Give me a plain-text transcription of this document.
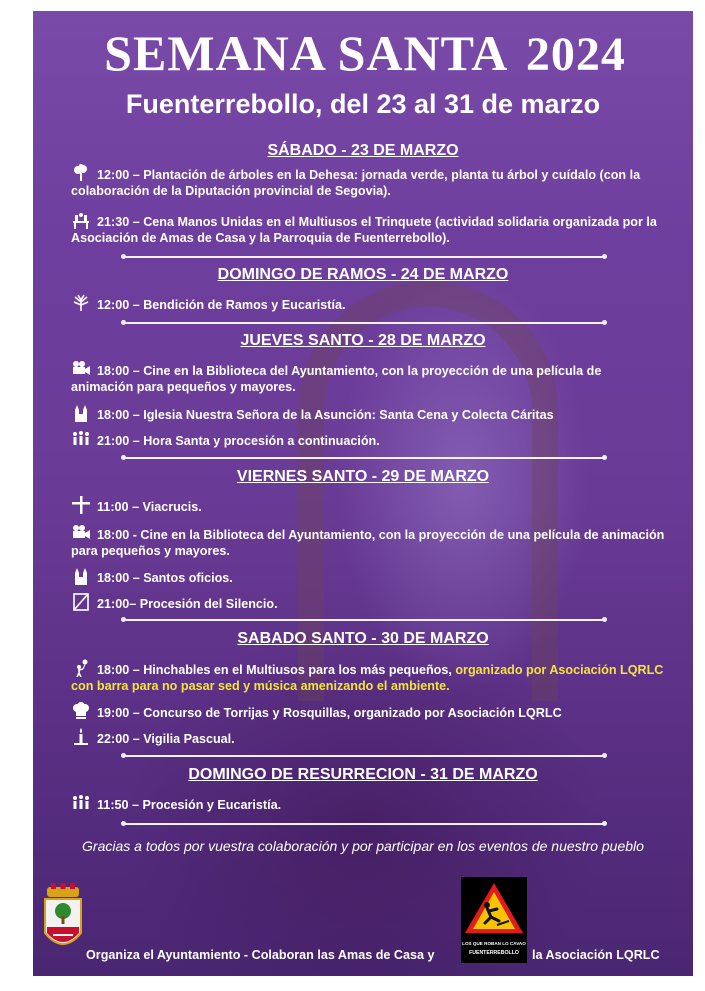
SEMANA SANTA 2024
Fuenterrebollo, del 23 al 31 de marzo
SÁBADO - 23 DE MARZO
12:00 – Plantación de árboles en la Dehesa: jornada verde, planta tu árbol y cuídalo (con la colaboración de la Diputación provincial de Segovia).
21:30 – Cena Manos Unidas en el Multiusos el Trinquete (actividad solidaria organizada por la Asociación de Amas de Casa y la Parroquia de Fuenterrebollo).
DOMINGO DE RAMOS - 24 DE MARZO
12:00 – Bendición de Ramos y Eucaristía.
JUEVES SANTO - 28 DE MARZO
18:00 – Cine en la Biblioteca del Ayuntamiento, con la proyección de una película de animación para pequeños y mayores.
18:00 – Iglesia Nuestra Señora de la Asunción: Santa Cena y Colecta Cáritas
21:00 – Hora Santa y procesión a continuación.
VIERNES SANTO - 29 DE MARZO
11:00 – Viacrucis.
18:00 - Cine en la Biblioteca del Ayuntamiento, con la proyección de una película de animación para pequeños y mayores.
18:00 – Santos oficios.
21:00– Procesión del Silencio.
SABADO SANTO - 30 DE MARZO
18:00 – Hinchables en el Multiusos para los más pequeños, organizado por Asociación LQRLC con barra para no pasar sed y música amenizando el ambiente.
19:00 – Concurso de Torrijas y Rosquillas, organizado por Asociación LQRLC
22:00 – Vigilia Pascual.
DOMINGO DE RESURRECION - 31 DE MARZO
11:50 – Procesión y Eucaristía.
Gracias a todos por vuestra colaboración y por participar en los eventos de nuestro pueblo
Organiza el Ayuntamiento - Colaboran las Amas de Casa y
LOS QUE ROBAN LO CAVAO
FUENTERREBOLLO la Asociación LQRLC
